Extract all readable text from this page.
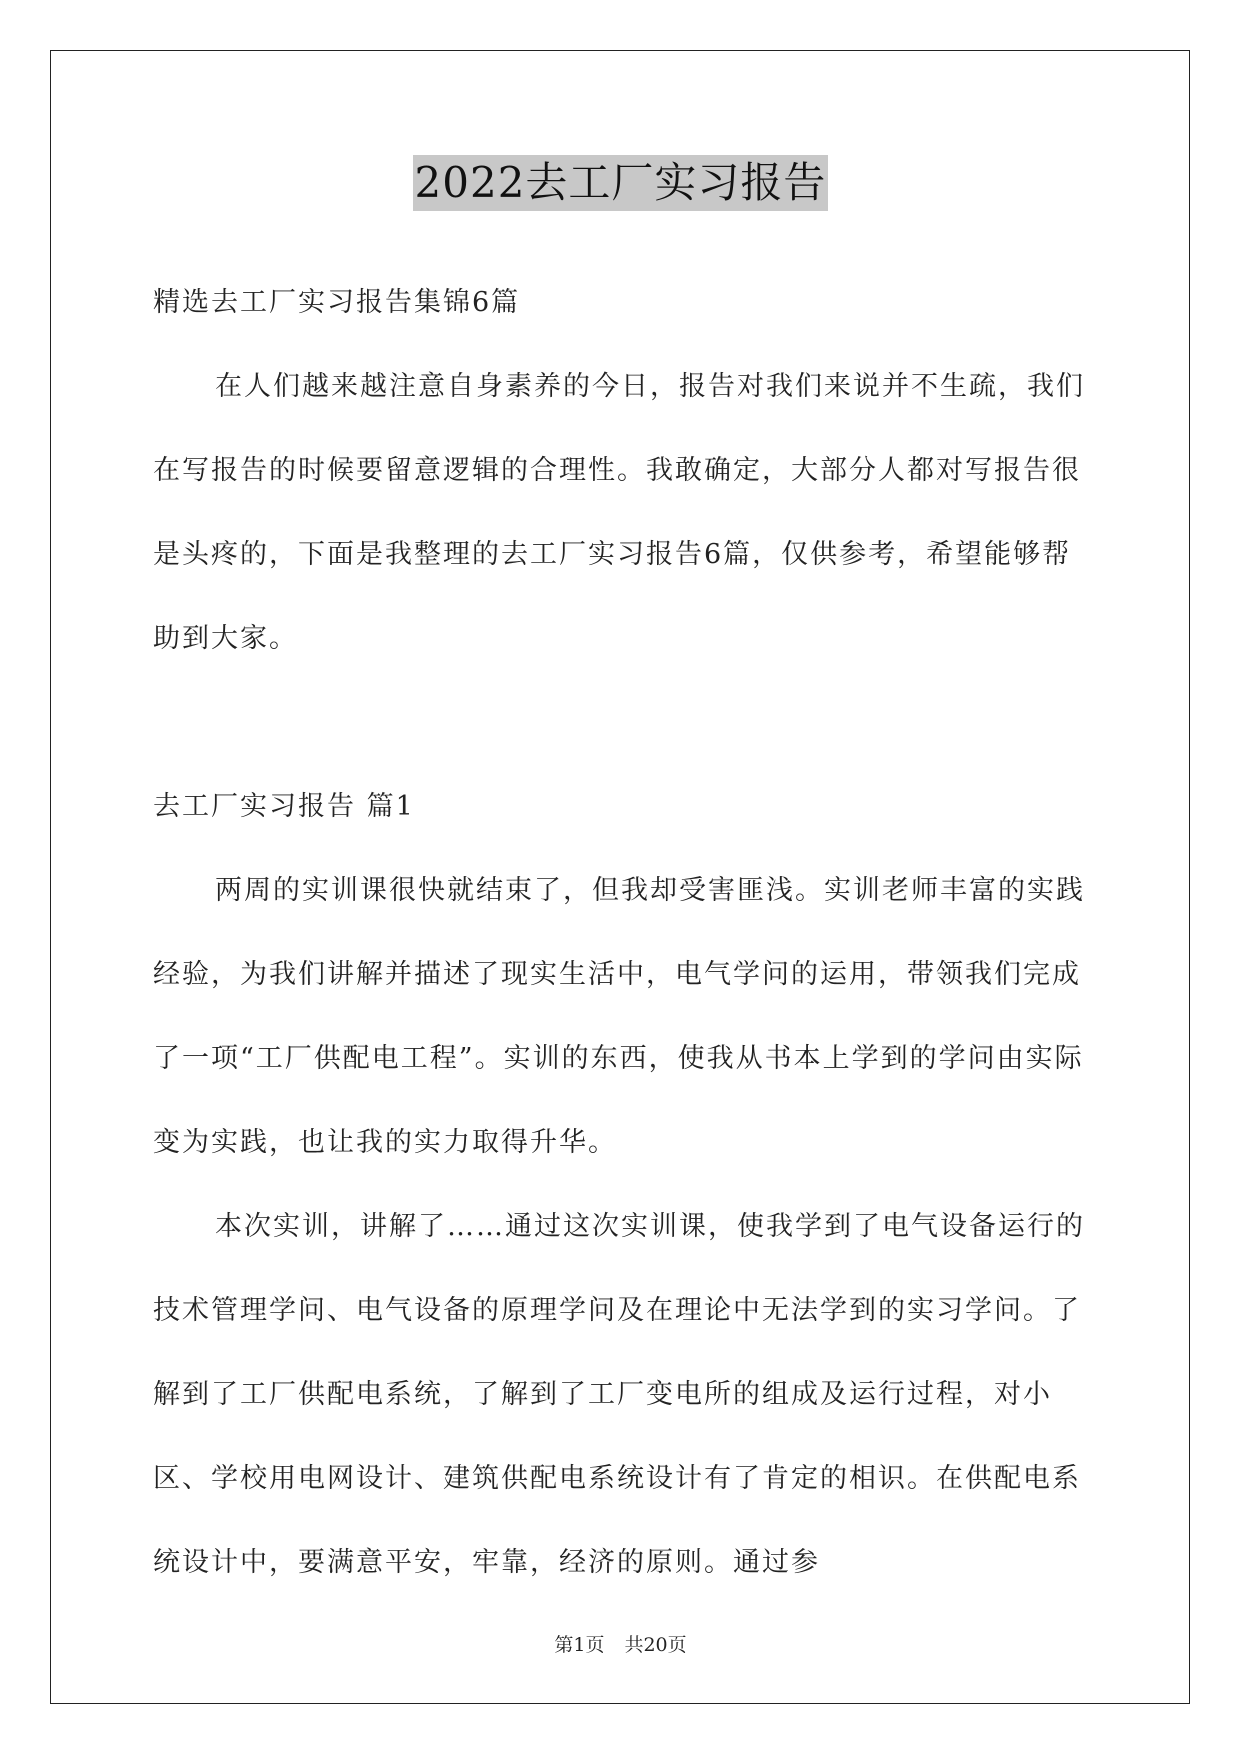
2022去工厂实习报告

精选去工厂实习报告集锦6篇

在人们越来越注意自身素养的今日，报告对我们来说并不生疏，我们在写报告的时候要留意逻辑的合理性。我敢确定，大部分人都对写报告很是头疼的，下面是我整理的去工厂实习报告6篇，仅供参考，希望能够帮助到大家。

去工厂实习报告 篇1

两周的实训课很快就结束了，但我却受害匪浅。实训老师丰富的实践经验，为我们讲解并描述了现实生活中，电气学问的运用，带领我们完成了一项“工厂供配电工程”。实训的东西，使我从书本上学到的学问由实际变为实践，也让我的实力取得升华。

本次实训，讲解了……通过这次实训课，使我学到了电气设备运行的技术管理学问、电气设备的原理学问及在理论中无法学到的实习学问。了解到了工厂供配电系统，了解到了工厂变电所的组成及运行过程，对小区、学校用电网设计、建筑供配电系统设计有了肯定的相识。在供配电系统设计中，要满意平安，牢靠，经济的原则。通过参

第1页 共20页
